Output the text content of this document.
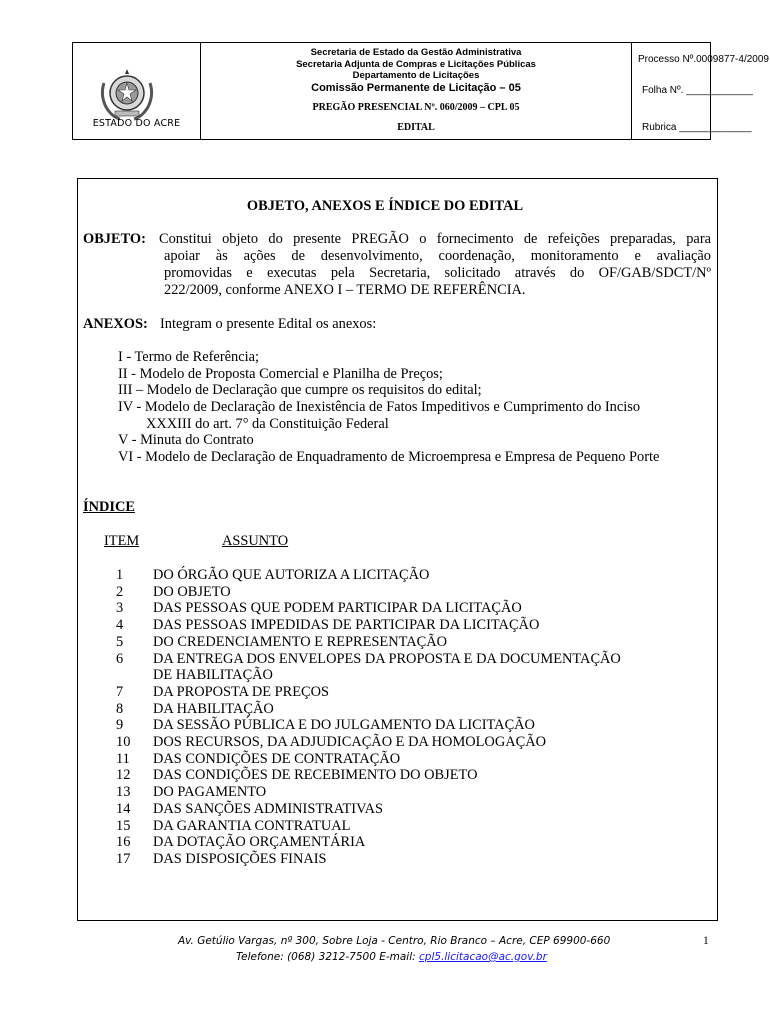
ESTADO DO ACRE
Secretaria de Estado da Gestão Administrativa
Secretaria Adjunta de Compras e Licitações Públicas
Departamento de Licitações
Comissão Permanente de Licitação – 05
PREGÃO PRESENCIAL Nº. 060/2009 – CPL 05
EDITAL
Processo Nº.0009877-4/2009
Folha Nº. ____________
Rubrica _____________
OBJETO, ANEXOS E ÍNDICE DO EDITAL
OBJETO: Constitui objeto do presente PREGÃO o fornecimento de refeições preparadas, para
apoiar às ações de desenvolvimento, coordenação, monitoramento e avaliação
promovidas e executas pela Secretaria, solicitado através do OF/GAB/SDCT/Nº
222/2009, conforme ANEXO I – TERMO DE REFERÊNCIA.
ANEXOS: Integram o presente Edital os anexos:
I - Termo de Referência;
II - Modelo de Proposta Comercial e Planilha de Preços;
III – Modelo de Declaração que cumpre os requisitos do edital;
IV - Modelo de Declaração de Inexistência de Fatos Impeditivos e Cumprimento do Inciso
XXXIII do art. 7° da Constituição Federal
V - Minuta do Contrato
VI - Modelo de Declaração de Enquadramento de Microempresa e Empresa de Pequeno Porte
ÍNDICE
ITEM	ASSUNTO
1 DO ÓRGÃO QUE AUTORIZA A LICITAÇÃO
2 DO OBJETO
3 DAS PESSOAS QUE PODEM PARTICIPAR DA LICITAÇÃO
4 DAS PESSOAS IMPEDIDAS DE PARTICIPAR DA LICITAÇÃO
5 DO CREDENCIAMENTO E REPRESENTAÇÃO
6 DA ENTREGA DOS ENVELOPES DA PROPOSTA E DA DOCUMENTAÇÃO
DE HABILITAÇÃO
7 DA PROPOSTA DE PREÇOS
8 DA HABILITAÇÃO
9 DA SESSÃO PÚBLICA E DO JULGAMENTO DA LICITAÇÃO
10 DOS RECURSOS, DA ADJUDICAÇÃO E DA HOMOLOGAÇÃO
11 DAS CONDIÇÕES DE CONTRATAÇÃO
12 DAS CONDIÇÕES DE RECEBIMENTO DO OBJETO
13 DO PAGAMENTO
14 DAS SANÇÕES ADMINISTRATIVAS
15 DA GARANTIA CONTRATUAL
16 DA DOTAÇÃO ORÇAMENTÁRIA
17 DAS DISPOSIÇÕES FINAIS
Av. Getúlio Vargas, nº 300, Sobre Loja - Centro, Rio Branco – Acre, CEP 69900-660	1
Telefone: (068) 3212-7500 E-mail: cpl5.licitacao@ac.gov.br
